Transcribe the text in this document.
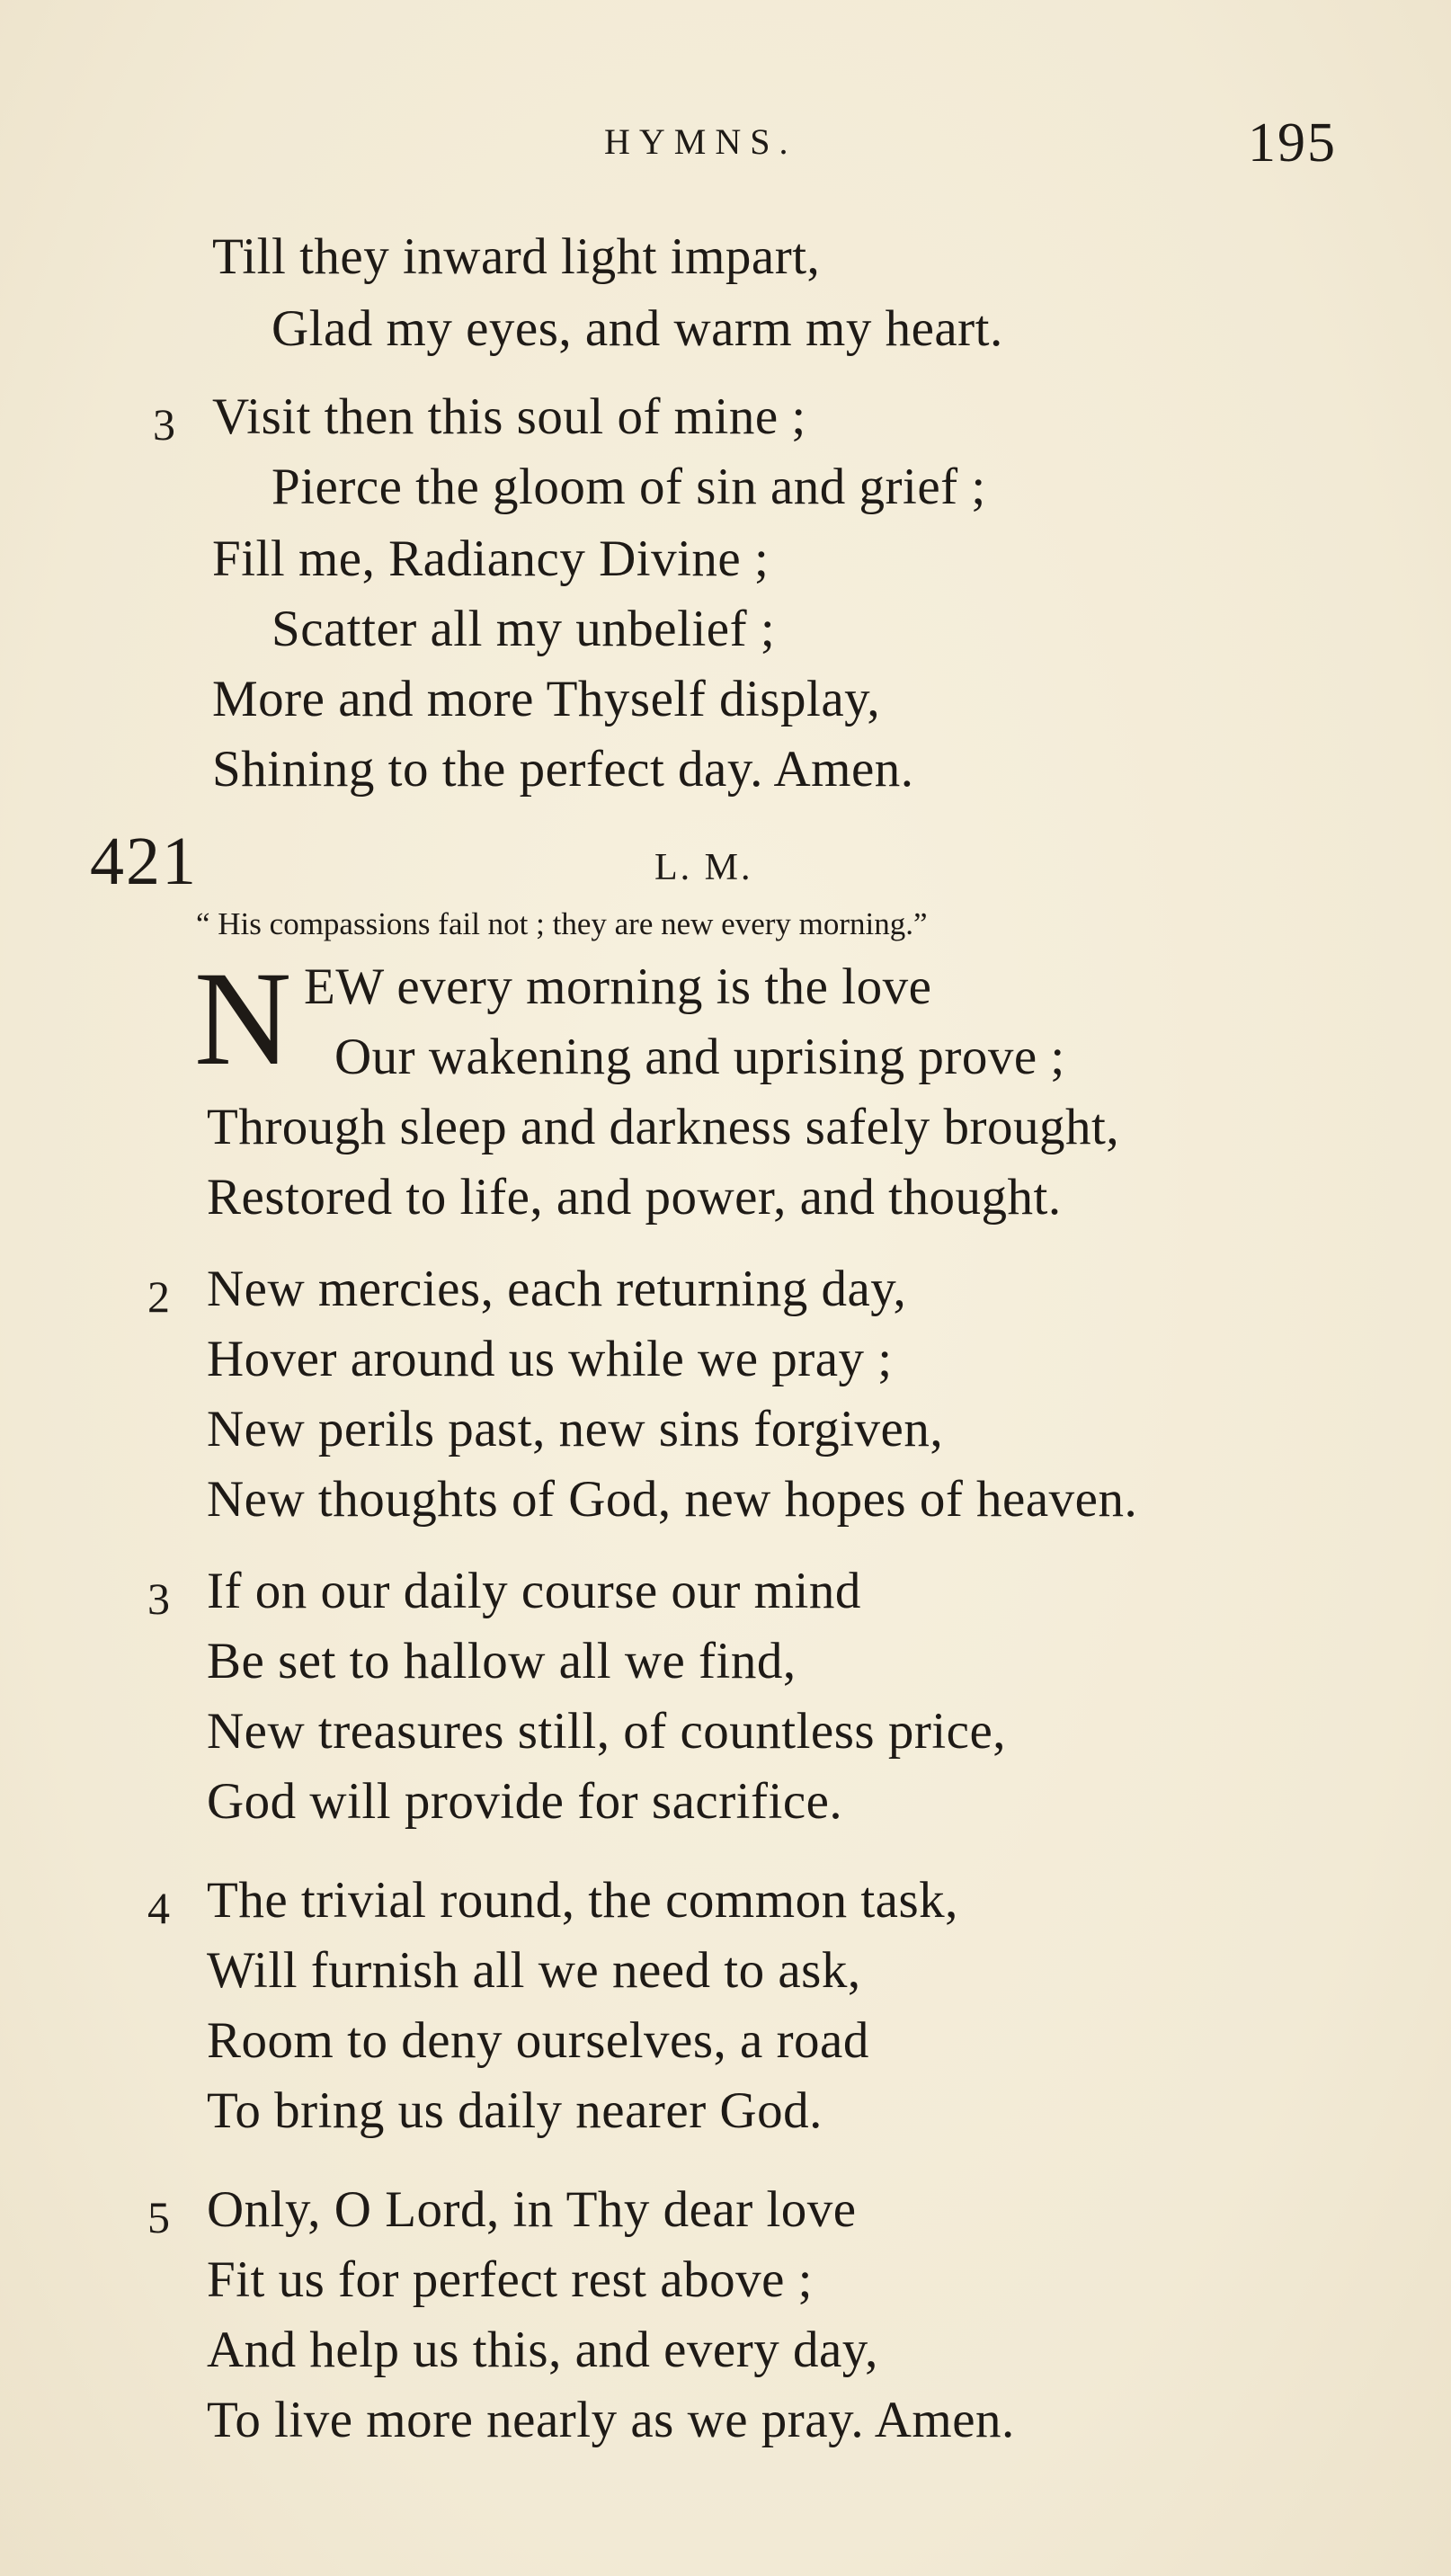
HYMNS.	195
Till they inward light impart,
Glad my eyes, and warm my heart.
3 Visit then this soul of mine ;
Pierce the gloom of sin and grief ;
Fill me, Radiancy Divine ;
Scatter all my unbelief ;
More and more Thyself display,
Shining to the perfect day. Amen.
421	L. M.
“ His compassions fail not ; they are new every morning.”
N EW every morning is the love
Our wakening and uprising prove ;
Through sleep and darkness safely brought,
Restored to life, and power, and thought.
2 New mercies, each returning day,
Hover around us while we pray ;
New perils past, new sins forgiven,
New thoughts of God, new hopes of heaven.
3 If on our daily course our mind
Be set to hallow all we find,
New treasures still, of countless price,
God will provide for sacrifice.
4 The trivial round, the common task,
Will furnish all we need to ask,
Room to deny ourselves, a road
To bring us daily nearer God.
5 Only, O Lord, in Thy dear love
Fit us for perfect rest above ;
And help us this, and every day,
To live more nearly as we pray. Amen.
